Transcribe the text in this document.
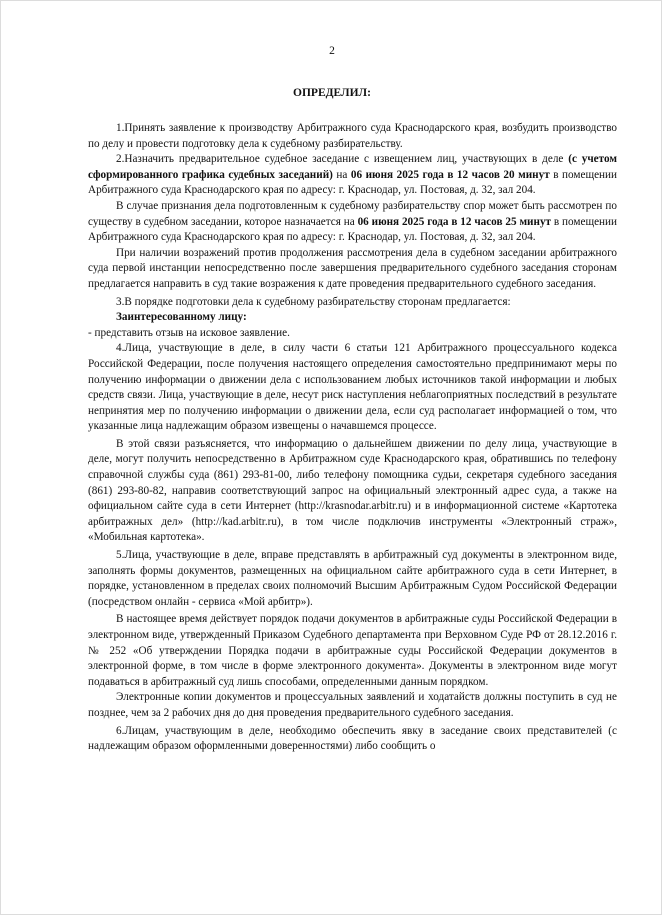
2
ОПРЕДЕЛИЛ:

1.Принять заявление к производству Арбитражного суда Краснодарского края, возбудить производство по делу и провести подготовку дела к судебному разбирательству.

2.Назначить предварительное судебное заседание с извещением лиц, участвующих в деле (с учетом сформированного графика судебных заседаний) на 06 июня 2025 года в 12 часов 20 минут в помещении Арбитражного суда Краснодарского края по адресу: г. Краснодар, ул. Постовая, д. 32, зал 204.

В случае признания дела подготовленным к судебному разбирательству спор может быть рассмотрен по существу в судебном заседании, которое назначается на 06 июня 2025 года в 12 часов 25 минут в помещении Арбитражного суда Краснодарского края по адресу: г. Краснодар, ул. Постовая, д. 32, зал 204.

При наличии возражений против продолжения рассмотрения дела в судебном заседании арбитражного суда первой инстанции непосредственно после завершения предварительного судебного заседания сторонам предлагается направить в суд такие возражения к дате проведения предварительного судебного заседания.

3.В порядке подготовки дела к судебному разбирательству сторонам предлагается:

Заинтересованному лицу:

- представить отзыв на исковое заявление.

4.Лица, участвующие в деле, в силу части 6 статьи 121 Арбитражного процессуального кодекса Российской Федерации, после получения настоящего определения самостоятельно предпринимают меры по получению информации о движении дела с использованием любых источников такой информации и любых средств связи. Лица, участвующие в деле, несут риск наступления неблагоприятных последствий в результате непринятия мер по получению информации о движении дела, если суд располагает информацией о том, что указанные лица надлежащим образом извещены о начавшемся процессе.

В этой связи разъясняется, что информацию о дальнейшем движении по делу лица, участвующие в деле, могут получить непосредственно в Арбитражном суде Краснодарского края, обратившись по телефону справочной службы суда (861) 293-81-00, либо телефону помощника судьи, секретаря судебного заседания (861) 293-80-82, направив соответствующий запрос на официальный электронный адрес суда, а также на официальном сайте суда в сети Интернет (http://krasnodar.arbitr.ru) и в информационной системе «Картотека арбитражных дел» (http://kad.arbitr.ru), в том числе подключив инструменты «Электронный страж», «Мобильная картотека».

5.Лица, участвующие в деле, вправе представлять в арбитражный суд документы в электронном виде, заполнять формы документов, размещенных на официальном сайте арбитражного суда в сети Интернет, в порядке, установленном в пределах своих полномочий Высшим Арбитражным Судом Российской Федерации (посредством онлайн - сервиса «Мой арбитр»).

В настоящее время действует порядок подачи документов в арбитражные суды Российской Федерации в электронном виде, утвержденный Приказом Судебного департамента при Верховном Суде РФ от 28.12.2016 г. № 252 «Об утверждении Порядка подачи в арбитражные суды Российской Федерации документов в электронной форме, в том числе в форме электронного документа». Документы в электронном виде могут подаваться в арбитражный суд лишь способами, определенными данным порядком.

Электронные копии документов и процессуальных заявлений и ходатайств должны поступить в суд не позднее, чем за 2 рабочих дня до дня проведения предварительного судебного заседания.

6.Лицам, участвующим в деле, необходимо обеспечить явку в заседание своих представителей (с надлежащим образом оформленными доверенностями) либо сообщить о
